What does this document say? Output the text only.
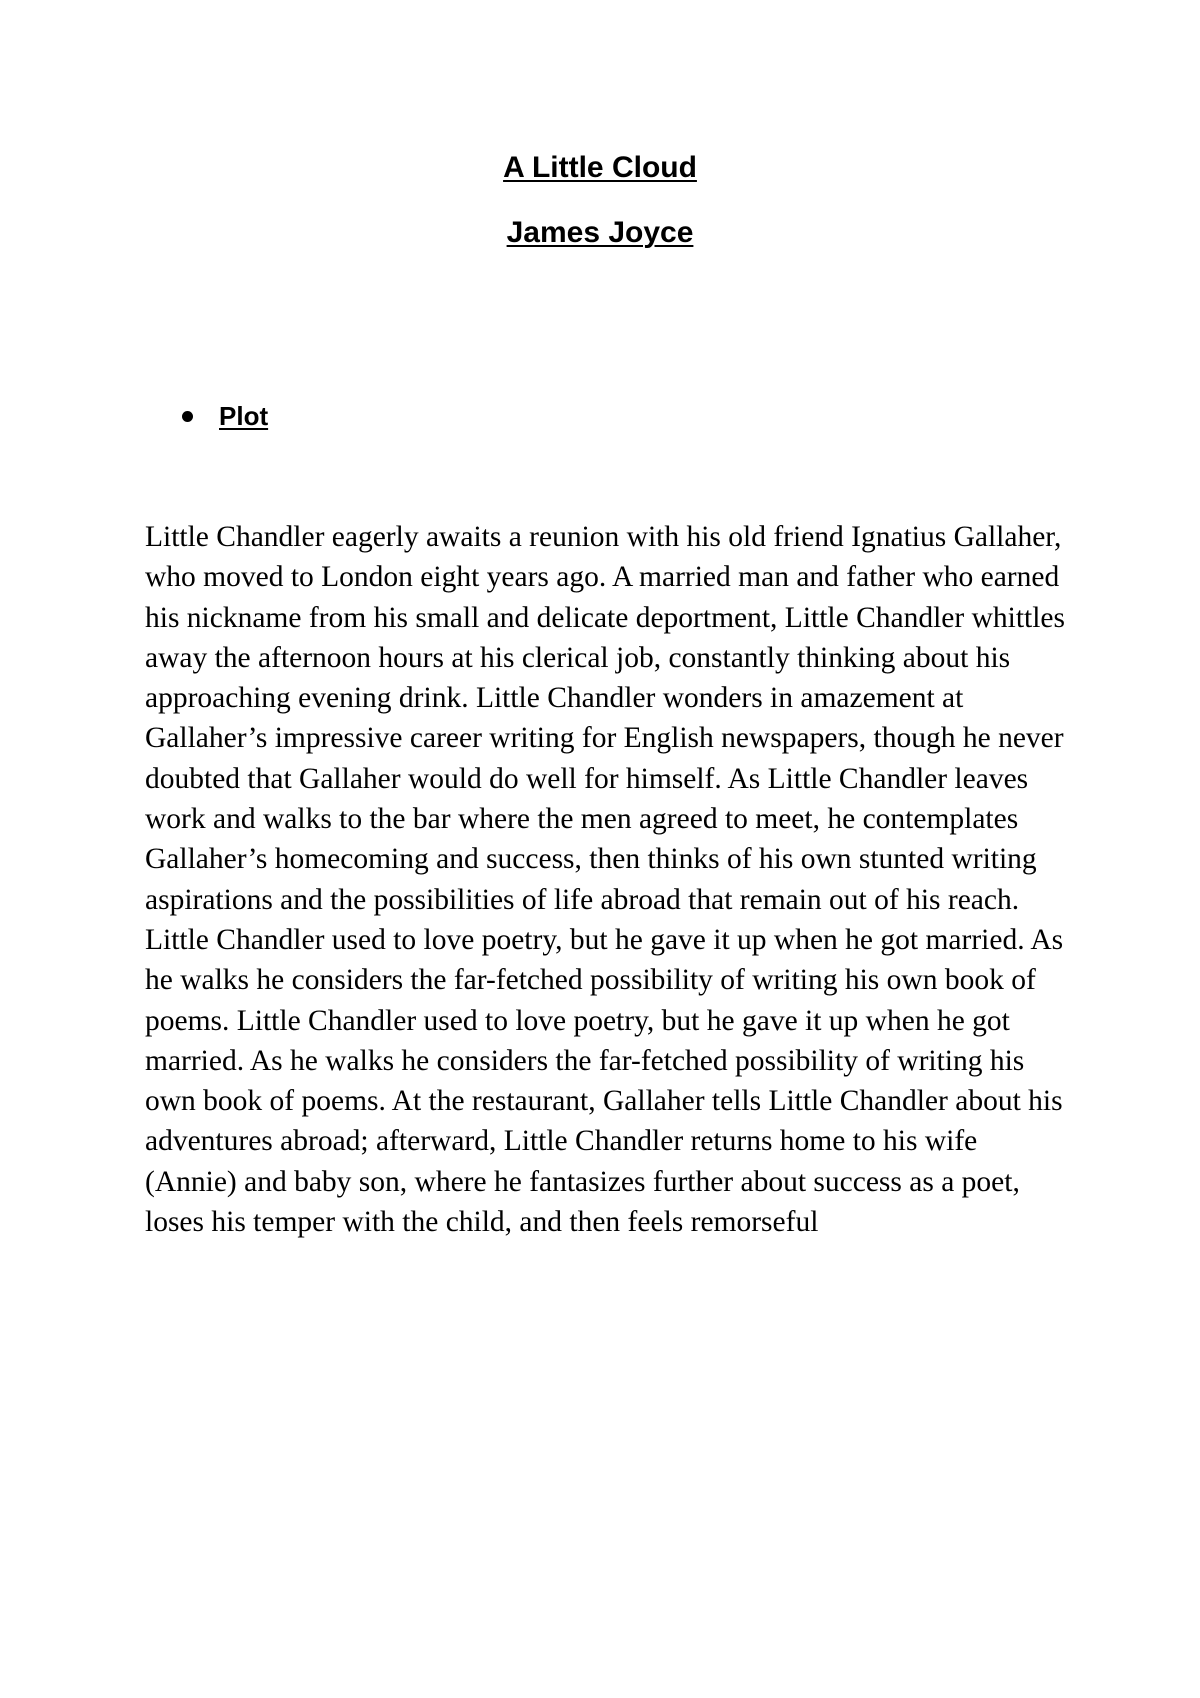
A Little Cloud
James Joyce
Plot

Little Chandler eagerly awaits a reunion with his old friend Ignatius Gallaher, who moved to London eight years ago. A married man and father who earned his nickname from his small and delicate deportment, Little Chandler whittles away the afternoon hours at his clerical job, constantly thinking about his approaching evening drink. Little Chandler wonders in amazement at Gallaher’s impressive career writing for English newspapers, though he never doubted that Gallaher would do well for himself. As Little Chandler leaves work and walks to the bar where the men agreed to meet, he contemplates Gallaher’s homecoming and success, then thinks of his own stunted writing aspirations and the possibilities of life abroad that remain out of his reach. Little Chandler used to love poetry, but he gave it up when he got married. As he walks he considers the far-fetched possibility of writing his own book of poems. Little Chandler used to love poetry, but he gave it up when he got married. As he walks he considers the far-fetched possibility of writing his own book of poems. At the restaurant, Gallaher tells Little Chandler about his adventures abroad; afterward, Little Chandler returns home to his wife (Annie) and baby son, where he fantasizes further about success as a poet, loses his temper with the child, and then feels remorseful
